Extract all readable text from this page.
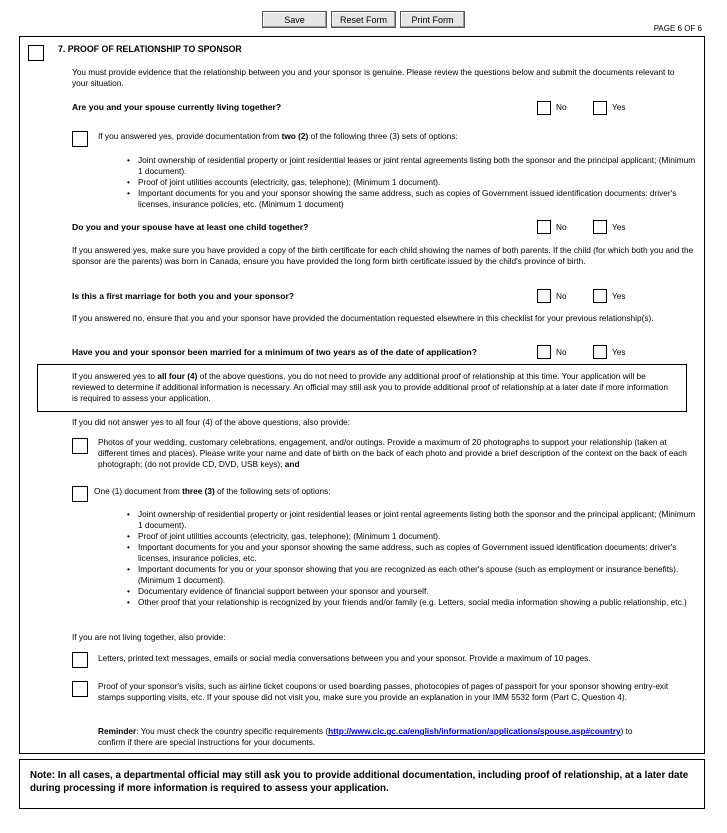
Save	Reset Form	Print Form
PAGE 6 OF 6
7. PROOF OF RELATIONSHIP TO SPONSOR
You must provide evidence that the relationship between you and your sponsor is genuine. Please review the questions below and submit the documents relevant to your situation.
Are you and your spouse currently living together?	No	Yes
If you answered yes, provide documentation from two (2) of the following three (3) sets of options:
• Joint ownership of residential property or joint residential leases or joint rental agreements listing both the sponsor and the principal applicant; (Minimum 1 document).
• Proof of joint utilities accounts (electricity, gas, telephone); (Minimum 1 document).
• Important documents for you and your sponsor showing the same address, such as copies of Government issued identification documents: driver's licenses, insurance policies, etc. (Minimum 1 document)
Do you and your spouse have at least one child together?	No	Yes
If you answered yes, make sure you have provided a copy of the birth certificate for each child showing the names of both parents. If the child (for which both you and the sponsor are the parents) was born in Canada, ensure you have provided the long form birth certificate issued by the child's province of birth.
Is this a first marriage for both you and your sponsor?	No	Yes
If you answered no, ensure that you and your sponsor have provided the documentation requested elsewhere in this checklist for your previous relationship(s).
Have you and your sponsor been married for a minimum of two years as of the date of application?	No	Yes
If you answered yes to all four (4) of the above questions, you do not need to provide any additional proof of relationship at this time. Your application will be reviewed to determine if additional information is necessary. An official may still ask you to provide additional proof of relationship at a later date if more information is required to assess your application.
If you did not answer yes to all four (4) of the above questions, also provide:
Photos of your wedding, customary celebrations, engagement, and/or outings. Provide a maximum of 20 photographs to support your relationship (taken at different times and places). Please write your name and date of birth on the back of each photo and provide a brief description of the context on the back of each photograph; (do not provide CD, DVD, USB keys); and
One (1) document from three (3) of the following sets of options:
• Joint ownership of residential property or joint residential leases or joint rental agreements listing both the sponsor and the principal applicant; (Minimum 1 document).
• Proof of joint utilities accounts (electricity, gas, telephone); (Minimum 1 document).
• Important documents for you and your sponsor showing the same address, such as copies of Government issued identification documents: driver's licenses, insurance policies, etc.
• Important documents for you or your sponsor showing that you are recognized as each other's spouse (such as employment or insurance benefits). (Minimum 1 document).
• Documentary evidence of financial support between your sponsor and yourself.
• Other proof that your relationship is recognized by your friends and/or family (e.g. Letters, social media information showing a public relationship, etc.)
If you are not living together, also provide:
Letters, printed text messages, emails or social media conversations between you and your sponsor. Provide a maximum of 10 pages.
Proof of your sponsor's visits, such as airline ticket coupons or used boarding passes, photocopies of pages of passport for your sponsor showing entry-exit stamps supporting visits, etc. If your spouse did not visit you, make sure you provide an explanation in your IMM 5532 form (Part C, Question 4).
Reminder: You must check the country specific requirements (http://www.cic.gc.ca/english/information/applications/spouse.asp#country) to confirm if there are special instructions for your documents.
Note: In all cases, a departmental official may still ask you to provide additional documentation, including proof of relationship, at a later date during processing if more information is required to assess your application.
